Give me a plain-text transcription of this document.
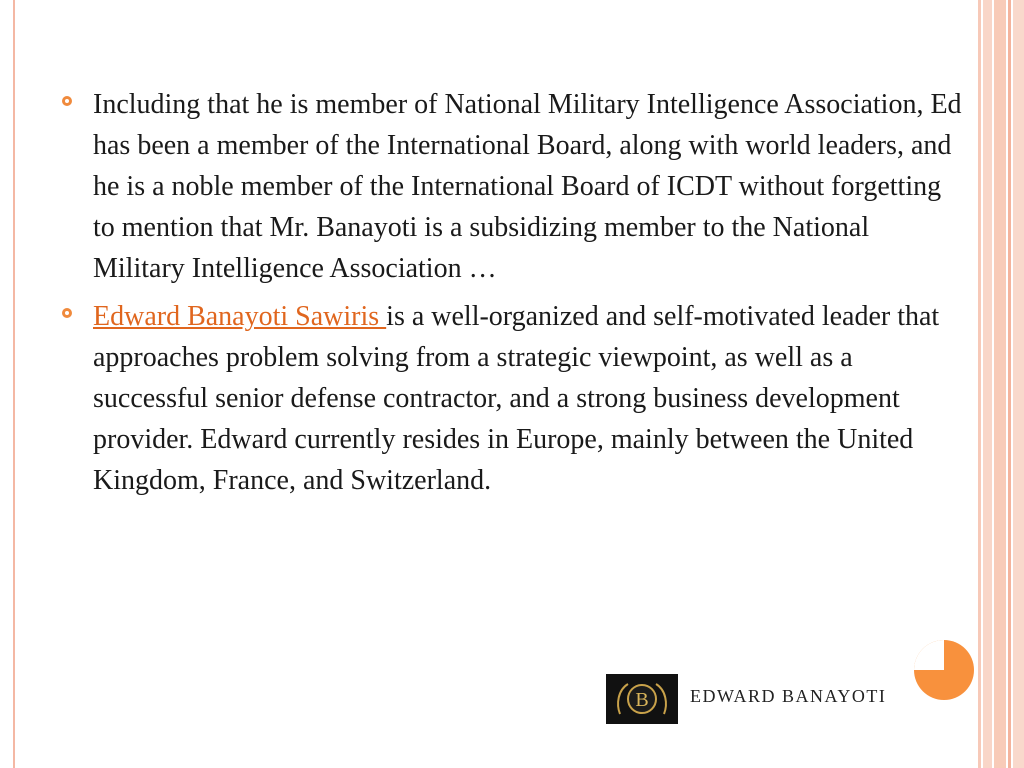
Including that he is member of National Military Intelligence Association, Ed has been a member of the International Board, along with world leaders, and he is a noble member of the International Board of ICDT without forgetting to mention that Mr. Banayoti is a subsidizing member to the National Military Intelligence Association …
Edward Banayoti Sawiris is a well-organized and self-motivated leader that approaches problem solving from a strategic viewpoint, as well as a successful senior defense contractor, and a strong business development provider. Edward currently resides in Europe, mainly between the United Kingdom, France, and Switzerland.
B EDWARD BANAYOTI
